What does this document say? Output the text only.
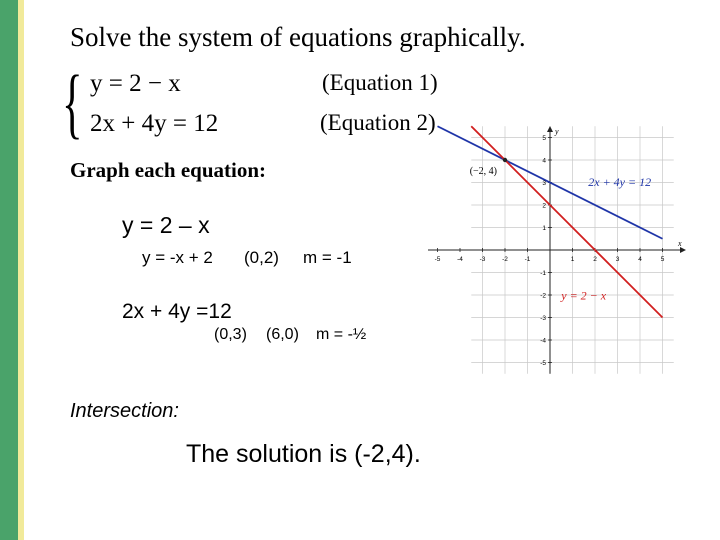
Solve the system of equations graphically.
{ y = 2 − x
2x + 4y = 12
(Equation 1)
(Equation 2)
Graph each equation:
y = 2 – x
y = -x + 2 (0,2) m = -1
2x + 4y =12
(0,3) (6,0) m = -½
Intersection:
The solution is (-2,4).
x
y
-5	-4	-3	-2	-1	1	2	3	4	5
5
4
3
2
1
-1
-2
-3
-4
-5
(−2, 4)
2x + 4y = 12
y = 2 − x
